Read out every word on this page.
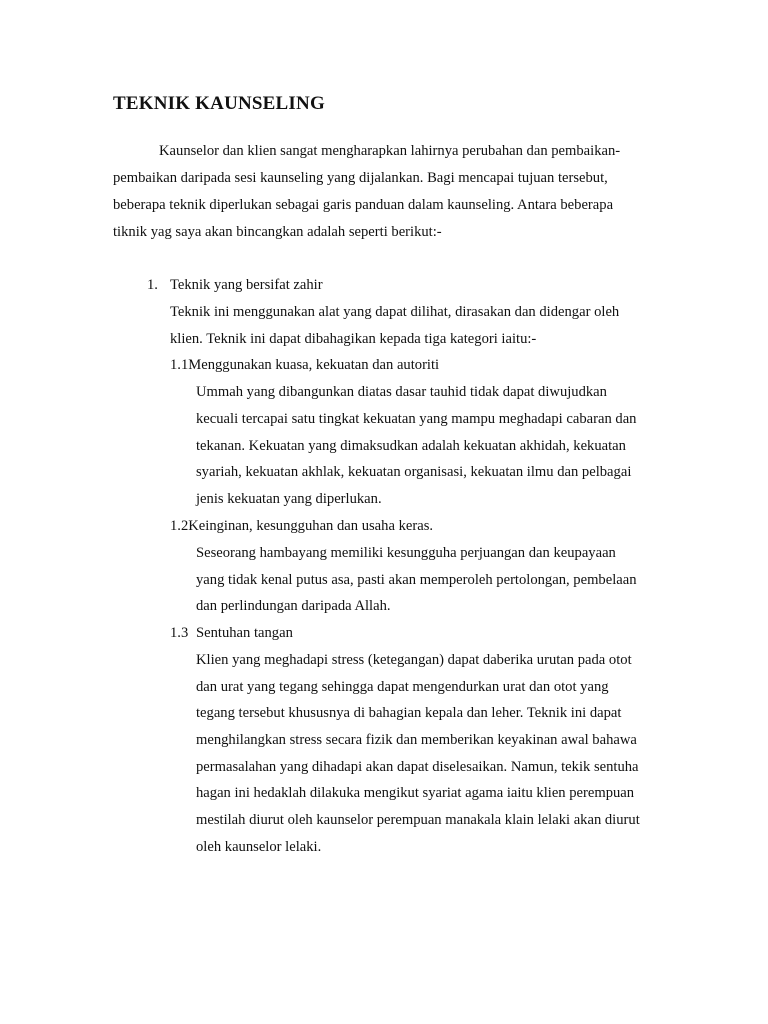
TEKNIK KAUNSELING

Kaunselor dan klien sangat mengharapkan lahirnya perubahan dan pembaikan-

pembaikan daripada sesi kaunseling yang dijalankan. Bagi mencapai tujuan tersebut,

beberapa teknik diperlukan sebagai garis panduan dalam kaunseling. Antara beberapa

tiknik yag saya akan bincangkan adalah seperti berikut:-

1. Teknik yang bersifat zahir

Teknik ini menggunakan alat yang dapat dilihat, dirasakan dan didengar oleh

klien. Teknik ini dapat dibahagikan kepada tiga kategori iaitu:-

1.1Menggunakan kuasa, kekuatan dan autoriti

Ummah yang dibangunkan diatas dasar tauhid tidak dapat diwujudkan

kecuali tercapai satu tingkat kekuatan yang mampu meghadapi cabaran dan

tekanan. Kekuatan yang dimaksudkan adalah kekuatan akhidah, kekuatan

syariah, kekuatan akhlak, kekuatan organisasi, kekuatan ilmu dan pelbagai

jenis kekuatan yang diperlukan.

1.2Keinginan, kesungguhan dan usaha keras.

Seseorang hambayang memiliki kesungguha perjuangan dan keupayaan

yang tidak kenal putus asa, pasti akan memperoleh pertolongan, pembelaan

dan perlindungan daripada Allah.

1.3 Sentuhan tangan

Klien yang meghadapi stress (ketegangan) dapat daberika urutan pada otot

dan urat yang tegang sehingga dapat mengendurkan urat dan otot yang

tegang tersebut khususnya di bahagian kepala dan leher. Teknik ini dapat

menghilangkan stress secara fizik dan memberikan keyakinan awal bahawa

permasalahan yang dihadapi akan dapat diselesaikan. Namun, tekik sentuha

hagan ini hedaklah dilakuka mengikut syariat agama iaitu klien perempuan

mestilah diurut oleh kaunselor perempuan manakala klain lelaki akan diurut

oleh kaunselor lelaki.
